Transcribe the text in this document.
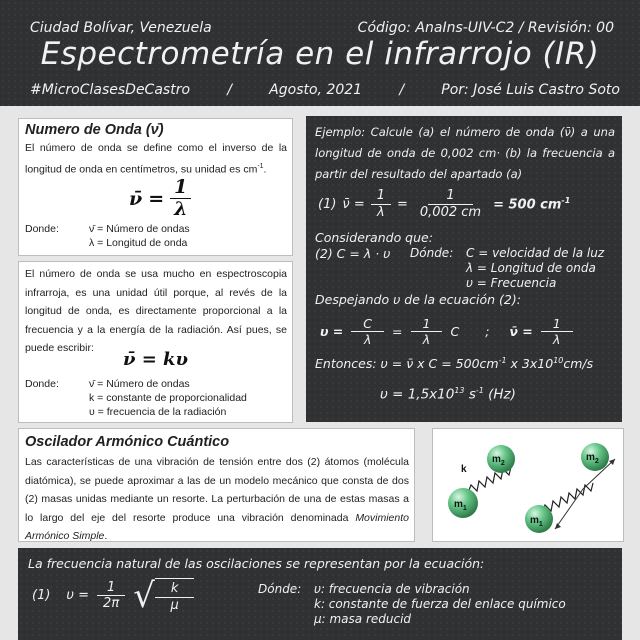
Ciudad Bolívar, Venezuela	Código: AnaIns-UIV-C2 / Revisión: 00
Espectrometría en el infrarrojo (IR)
#MicroClasesDeCastro	/	Agosto, 2021	/	Por: José Luis Castro Soto
Numero de Onda (ν̄)

El número de onda se define como el inverso de la longitud de onda en centímetros, su unidad es $cm^{-1}$.

ν̄ = $\frac{1}{\lambda}$
Donde:	ν̄ = Número de ondas
λ = Longitud de onda

El número de onda se usa mucho en espectroscopia infrarroja, es una unidad útil porque, al revés de la longitud de onda, es directamente proporcional a la frecuencia y a la energía de la radiación. Así pues, se puede escribir:

ν̄ = kυ
Donde:	ν̄ = Número de ondas
k = constante de proporcionalidad
υ = frecuencia de la radiación
Ejemplo: Calcule (a) el número de onda (ν̄) a una longitud de onda de 0,002 cm· (b) la frecuencia a partir del resultado del apartado (a)
(1) ν̄ = $\frac{1}{\lambda} = \frac{1}{0,002 cm} = 500$ $cm^{-1}$
Considerando que:
(2) C = λ · υ Dónde: C = velocidad de la luz
λ = Longitud de onda
υ = Frecuencia
Despejando υ de la ecuación (2):
$\upsilon = \frac{C}{\lambda} = \frac{1}{\lambda}$ C ; ν̄ = $\frac{1}{\lambda}$
Entonces: υ = ν̄ x $C = 500cm^{-1}$ x $3x10^{10}cm/s$
$\upsilon = 1,5x10^{13}$ $s^{-1}$ (Hz)
Oscilador Armónico Cuántico

Las características de una vibración de tensión entre dos (2) átomos (molécula diatómica), se puede aproximar a las de un modelo mecánico que consta de dos (2) masas unidas mediante un resorte. La perturbación de una de estas masas a lo largo del eje del resorte produce una vibración denominada Movimiento Armónico Simple.

k
$m_2$
$m_1$
$m_2$
$m_1$
La frecuencia natural de las oscilaciones se representan por la ecuación:
(1) $\upsilon = \frac{1}{2\pi}$ √ $\frac{k}{\mu}$	Dónde: υ: frecuencia de vibración
k: constante de fuerza del enlace químico
μ: masa reducid
